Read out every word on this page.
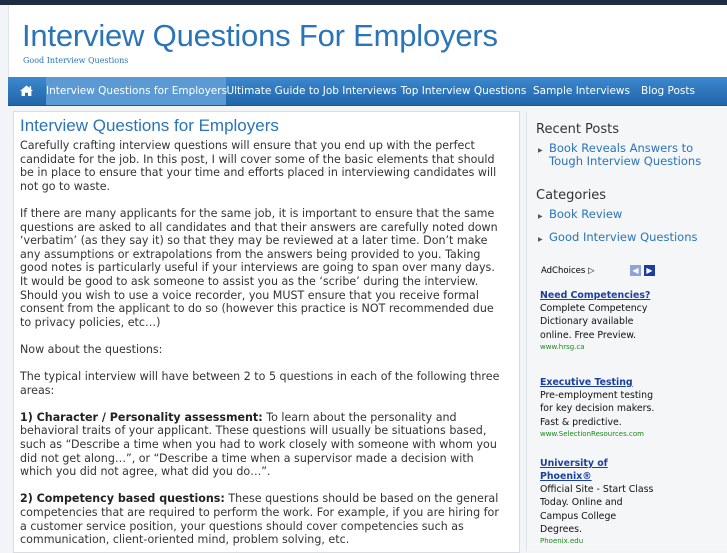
Interview Questions For Employers
Good Interview Questions
Interview Questions for Employers Ultimate Guide to Job Interviews Top Interview Questions Sample Interviews	Blog Posts
Interview Questions for Employers

Carefully crafting interview questions will ensure that you end up with the perfect candidate for the job. In this post, I will cover some of the basic elements that should be in place to ensure that your time and efforts placed in interviewing candidates will not go to waste.

If there are many applicants for the same job, it is important to ensure that the same questions are asked to all candidates and that their answers are carefully noted down ‘verbatim’ (as they say it) so that they may be reviewed at a later time. Don’t make any assumptions or extrapolations from the answers being provided to you. Taking good notes is particularly useful if your interviews are going to span over many days. It would be good to ask someone to assist you as the ‘scribe’ during the interview. Should you wish to use a voice recorder, you MUST ensure that you receive formal consent from the applicant to do so (however this practice is NOT recommended due to privacy policies, etc…)

Now about the questions:

The typical interview will have between 2 to 5 questions in each of the following three areas:

1) Character / Personality assessment: To learn about the personality and behavioral traits of your applicant. These questions will usually be situations based, such as “Describe a time when you had to work closely with someone with whom you did not get along…”, or “Describe a time when a supervisor made a decision with which you did not agree, what did you do…”.

2) Competency based questions: These questions should be based on the general competencies that are required to perform the work. For example, if you are hiring for a customer service position, your questions should cover competencies such as communication, client-oriented mind, problem solving, etc.

Recent Posts
▶ Book Reveals Answers to Tough Interview Questions
Categories
▶ Book Review
▶ Good Interview Questions
AdChoices ▷	◀ ▶
Need Competencies?
Complete Competency Dictionary available online. Free Preview.
www.hrsg.ca
Executive Testing
Pre-employment testing for key decision makers. Fast & predictive.
www.SelectionResources.com
University of Phoenix®
Official Site - Start Class Today. Online and Campus College Degrees.
Phoenix.edu
